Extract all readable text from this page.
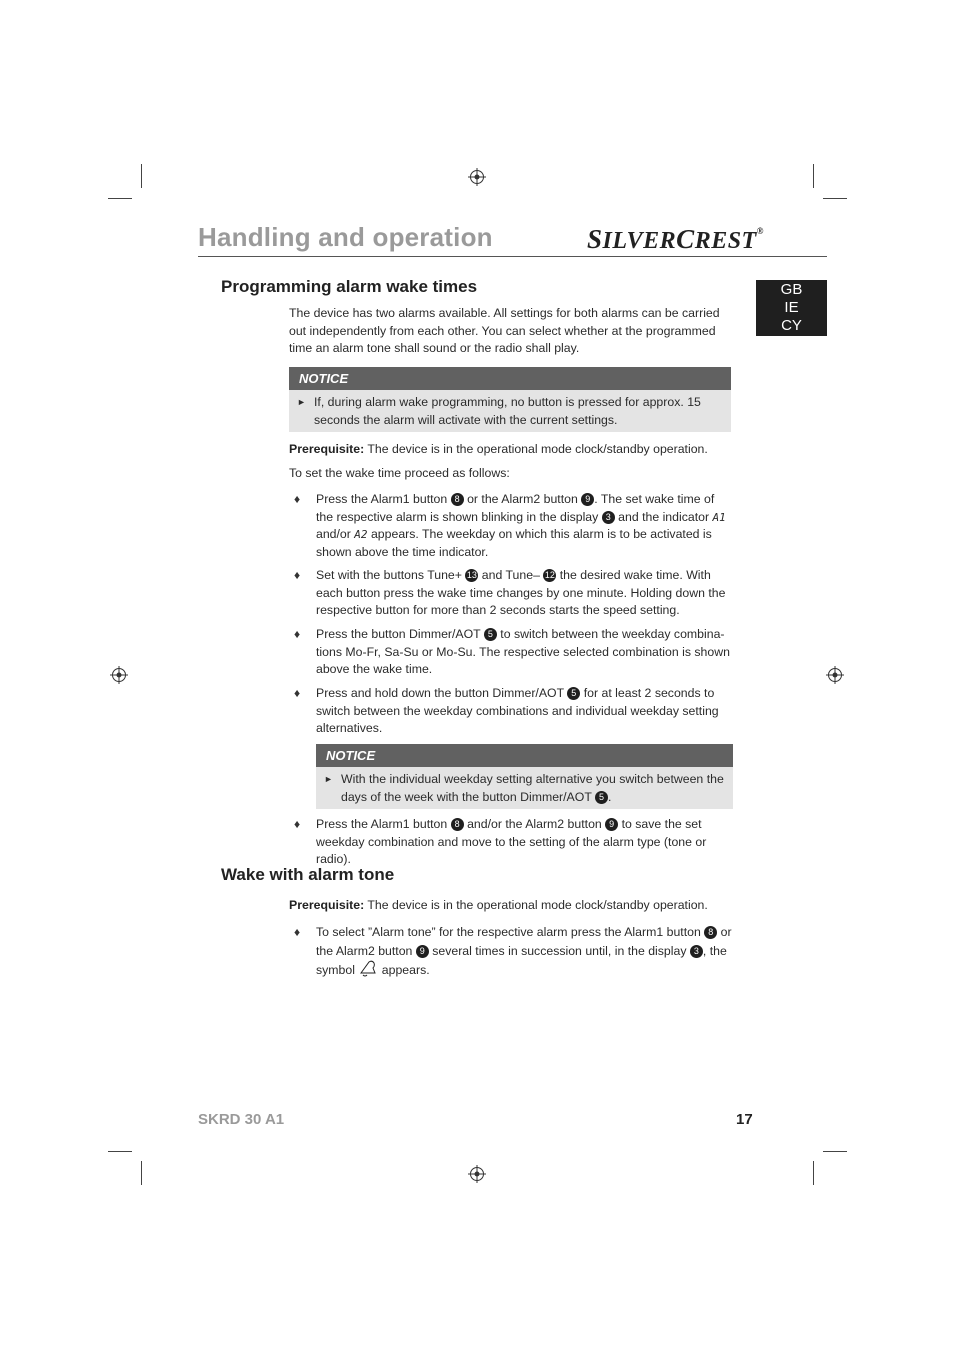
Handling and operation	SILVERCREST®
GB
IE
CY
Programming alarm wake times
The device has two alarms available. All settings for both alarms can be carried out independently from each other. You can select whether at the programmed time an alarm tone shall sound or the radio shall play.
NOTICE
► If, during alarm wake programming, no button is pressed for approx. 15 seconds the alarm will activate with the current settings.
Prerequisite: The device is in the operational mode clock/standby operation.
To set the wake time proceed as follows:
♦ Press the Alarm1 button 8 or the Alarm2 button 9 . The set wake time of the respective alarm is shown blinking in the display 3 and the indicator A1 and/or A2 appears. The weekday on which this alarm is to be activated is shown above the time indicator.
♦ Set with the buttons Tune+ 13 and Tune– 12 the desired wake time. With each button press the wake time changes by one minute. Holding down the respective button for more than 2 seconds starts the speed setting.
♦ Press the button Dimmer/AOT 5 to switch between the weekday combinations Mo-Fr, Sa-Su or Mo-Su. The respective selected combination is shown above the wake time.
♦ Press and hold down the button Dimmer/AOT 5 for at least 2 seconds to switch between the weekday combinations and individual weekday setting alternatives.
NOTICE
► With the individual weekday setting alternative you switch between the days of the week with the button Dimmer/AOT 5 .
♦ Press the Alarm1 button 8 and/or the Alarm2 button 9 to save the set weekday combination and move to the setting of the alarm type (tone or radio).
Wake with alarm tone
Prerequisite: The device is in the operational mode clock/standby operation.
♦ To select ”Alarm tone” for the respective alarm press the Alarm1 button 8 or the Alarm2 button 9 several times in succession until, in the display 3 , the symbol  appears.
SKRD 30 A1	17
